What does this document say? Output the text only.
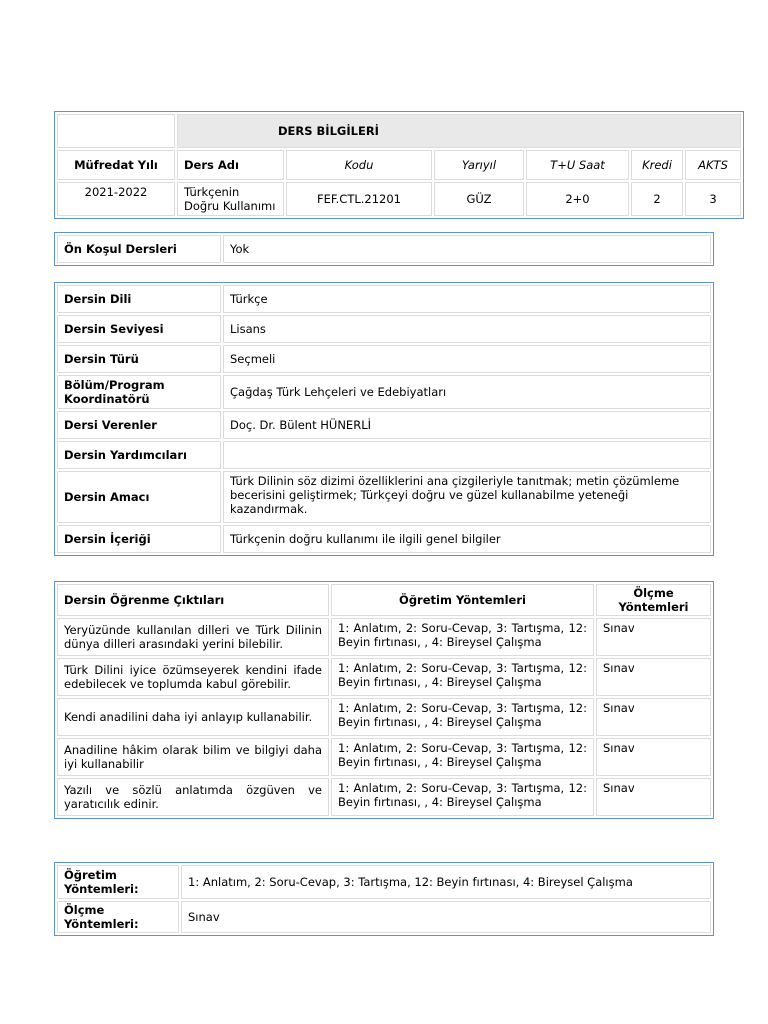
	DERS BİLGİLERİ					
Müfredat Yılı	Ders Adı	Kodu	Yarıyıl	T+U Saat	Kredi	AKTS
2021-2022	Türkçenin Doğru Kullanımı	FEF.CTL.21201	GÜZ	2+0	2	3
Ön Koşul Dersleri	Yok
Dersin Dili	Türkçe
Dersin Seviyesi	Lisans
Dersin Türü	Seçmeli
Bölüm/Program Koordinatörü	Çağdaş Türk Lehçeleri ve Edebiyatları
Dersi Verenler	Doç. Dr. Bülent HÜNERLİ
Dersin Yardımcıları	
Dersin Amacı	Türk Dilinin söz dizimi özelliklerini ana çizgileriyle tanıtmak; metin çözümleme becerisini geliştirmek; Türkçeyi doğru ve güzel kullanabilme yeteneği kazandırmak.
Dersin İçeriği	Türkçenin doğru kullanımı ile ilgili genel bilgiler
Dersin Öğrenme Çıktıları	Öğretim Yöntemleri	Ölçme Yöntemleri
Yeryüzünde kullanılan dilleri ve Türk Dilinin dünya dilleri arasındaki yerini bilebilir.	1: Anlatım, 2: Soru-Cevap, 3: Tartışma, 12: Beyin fırtınası, , 4: Bireysel Çalışma	Sınav
Türk Dilini iyice özümseyerek kendini ifade edebilecek ve toplumda kabul görebilir.	1: Anlatım, 2: Soru-Cevap, 3: Tartışma, 12: Beyin fırtınası, , 4: Bireysel Çalışma	Sınav
Kendi anadilini daha iyi anlayıp kullanabilir.	1: Anlatım, 2: Soru-Cevap, 3: Tartışma, 12: Beyin fırtınası, , 4: Bireysel Çalışma	Sınav
Anadiline hâkim olarak bilim ve bilgiyi daha iyi kullanabilir	1: Anlatım, 2: Soru-Cevap, 3: Tartışma, 12: Beyin fırtınası, , 4: Bireysel Çalışma	Sınav
Yazılı ve sözlü anlatımda özgüven ve yaratıcılık edinir.	1: Anlatım, 2: Soru-Cevap, 3: Tartışma, 12: Beyin fırtınası, , 4: Bireysel Çalışma	Sınav
Öğretim Yöntemleri:	1: Anlatım, 2: Soru-Cevap, 3: Tartışma, 12: Beyin fırtınası, 4: Bireysel Çalışma
Ölçme Yöntemleri:	Sınav
